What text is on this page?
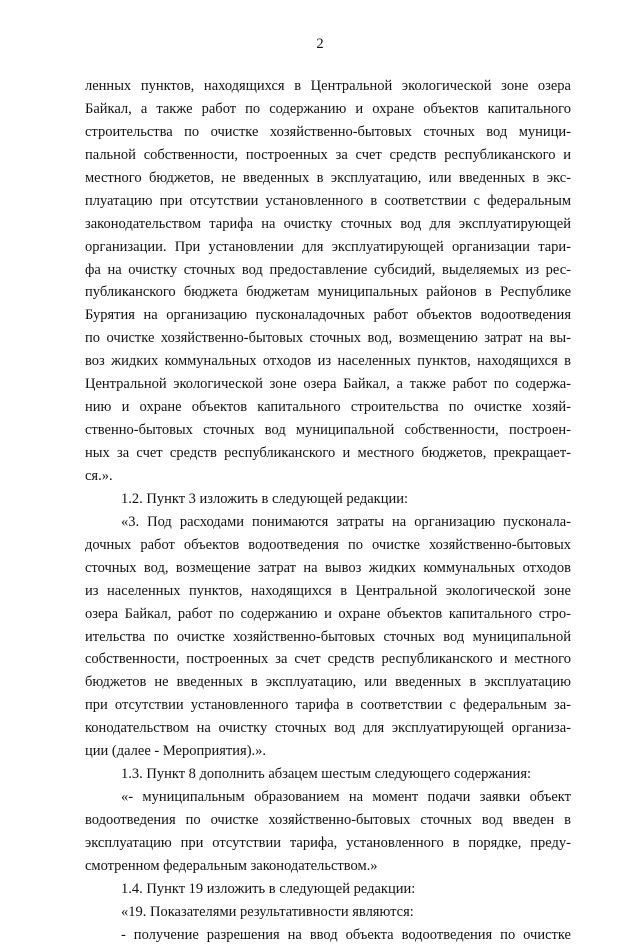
2
ленных пунктов, находящихся в Центральной экологической зоне озера
Байкал, а также работ по содержанию и охране объектов капитального
строительства по очистке хозяйственно-бытовых сточных вод муници-
пальной собственности, построенных за счет средств республиканского и
местного бюджетов, не введенных в эксплуатацию, или введенных в экс-
плуатацию при отсутствии установленного в соответствии с федеральным
законодательством тарифа на очистку сточных вод для эксплуатирующей
организации. При установлении для эксплуатирующей организации тари-
фа на очистку сточных вод предоставление субсидий, выделяемых из рес-
публиканского бюджета бюджетам муниципальных районов в Республике
Бурятия на организацию пусконаладочных работ объектов водоотведения
по очистке хозяйственно-бытовых сточных вод, возмещению затрат на вы-
воз жидких коммунальных отходов из населенных пунктов, находящихся в
Центральной экологической зоне озера Байкал, а также работ по содержа-
нию и охране объектов капитального строительства по очистке хозяй-
ственно-бытовых сточных вод муниципальной собственности, построен-
ных за счет средств республиканского и местного бюджетов, прекращает-
ся.».
1.2. Пункт 3 изложить в следующей редакции:
«3. Под расходами понимаются затраты на организацию пусконала-
дочных работ объектов водоотведения по очистке хозяйственно-бытовых
сточных вод, возмещение затрат на вывоз жидких коммунальных отходов
из населенных пунктов, находящихся в Центральной экологической зоне
озера Байкал, работ по содержанию и охране объектов капитального стро-
ительства по очистке хозяйственно-бытовых сточных вод муниципальной
собственности, построенных за счет средств республиканского и местного
бюджетов не введенных в эксплуатацию, или введенных в эксплуатацию
при отсутствии установленного тарифа в соответствии с федеральным за-
конодательством на очистку сточных вод для эксплуатирующей организа-
ции (далее - Мероприятия).».
1.3. Пункт 8 дополнить абзацем шестым следующего содержания:
«- муниципальным образованием на момент подачи заявки объект
водоотведения по очистке хозяйственно-бытовых сточных вод введен в
эксплуатацию при отсутствии тарифа, установленного в порядке, преду-
смотренном федеральным законодательством.»
1.4. Пункт 19 изложить в следующей редакции:
«19. Показателями результативности являются:
- получение разрешения на ввод объекта водоотведения по очистке
